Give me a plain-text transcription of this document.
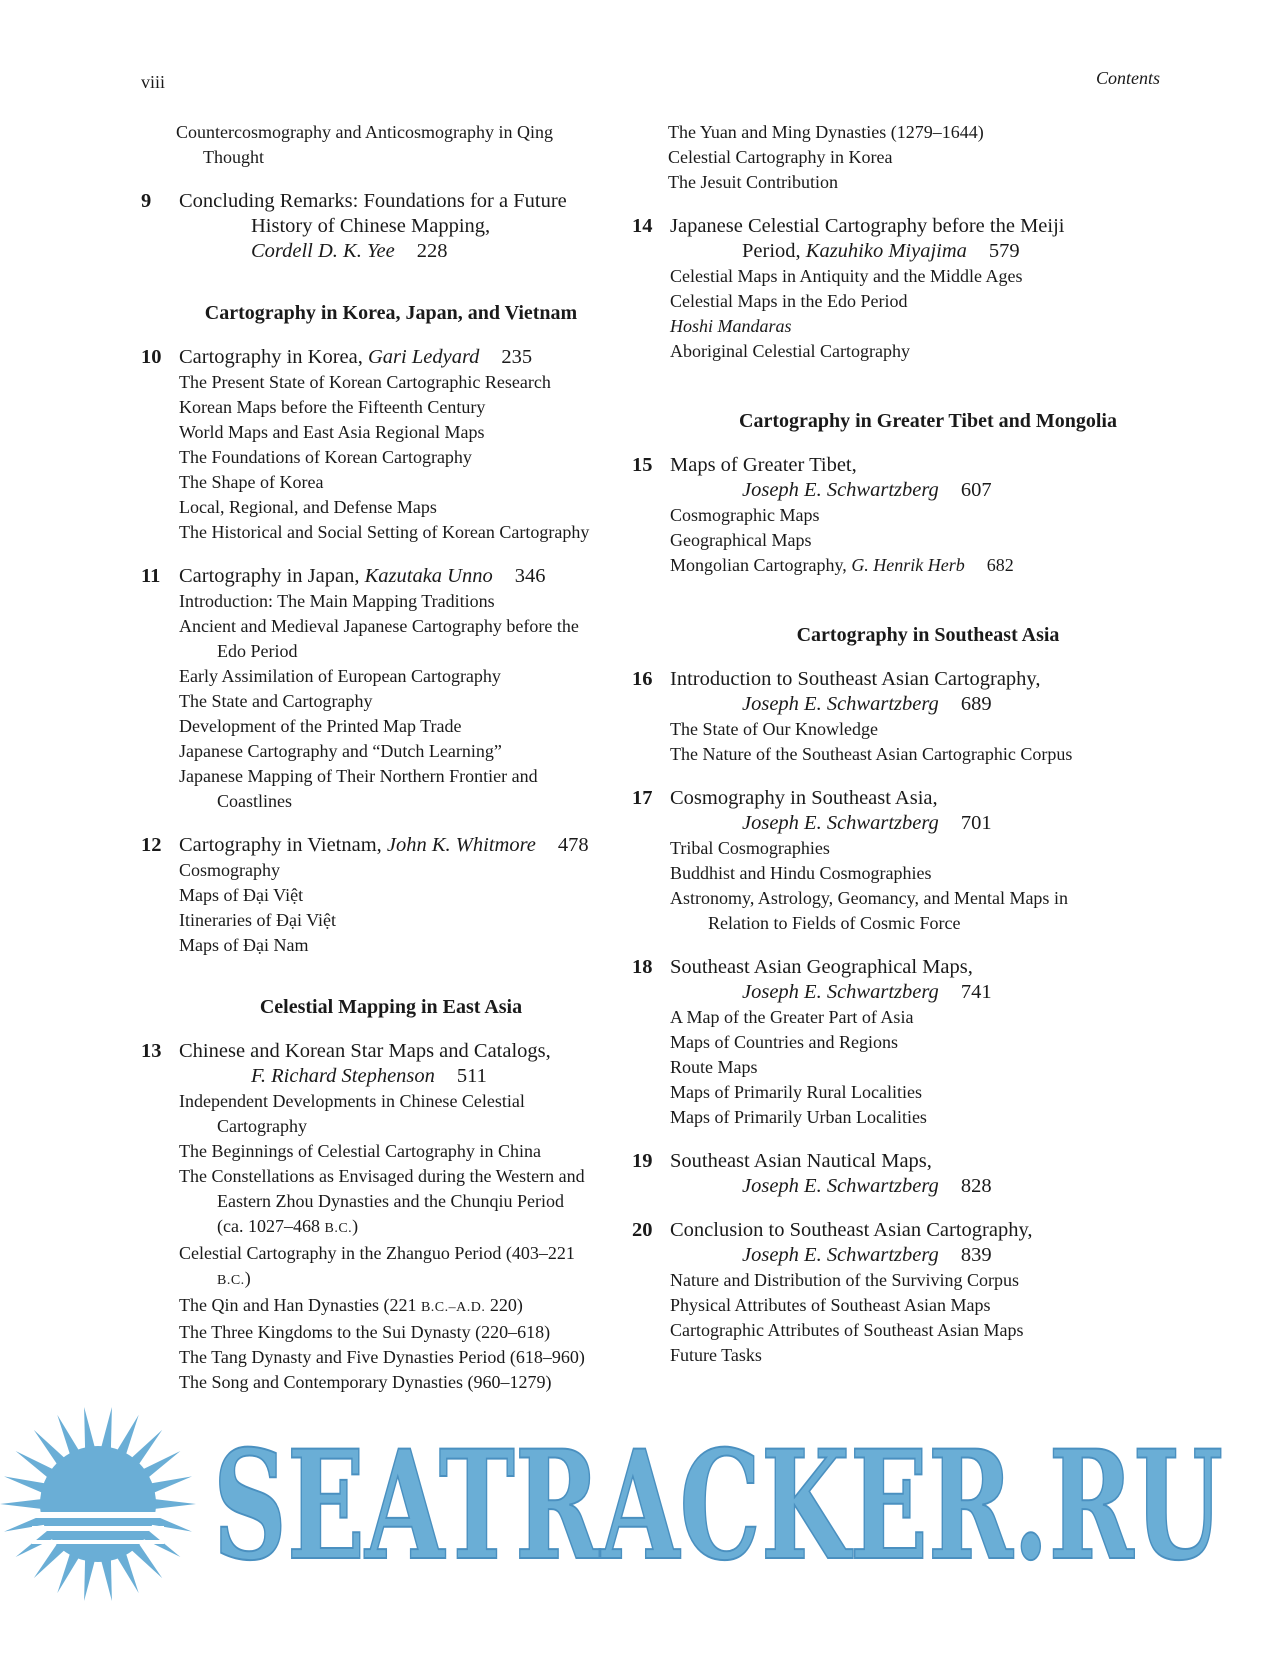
viii	Contents
Countercosmography and Anticosmography in Qing
Thought
9	Concluding Remarks: Foundations for a Future
History of Chinese Mapping,
Cordell D. K. Yee 228
Cartography in Korea, Japan, and Vietnam
10 Cartography in Korea, Gari Ledyard 235
The Present State of Korean Cartographic Research
Korean Maps before the Fifteenth Century
World Maps and East Asia Regional Maps
The Foundations of Korean Cartography
The Shape of Korea
Local, Regional, and Defense Maps
The Historical and Social Setting of Korean Cartography
11 Cartography in Japan, Kazutaka Unno 346
Introduction: The Main Mapping Traditions
Ancient and Medieval Japanese Cartography before the
Edo Period
Early Assimilation of European Cartography
The State and Cartography
Development of the Printed Map Trade
Japanese Cartography and “Dutch Learning”
Japanese Mapping of Their Northern Frontier and
Coastlines
12 Cartography in Vietnam, John K. Whitmore 478
Cosmography
Maps of Đại Việt
Itineraries of Đại Việt
Maps of Đại Nam
Celestial Mapping in East Asia
13 Chinese and Korean Star Maps and Catalogs,
F. Richard Stephenson 511
Independent Developments in Chinese Celestial
Cartography
The Beginnings of Celestial Cartography in China
The Constellations as Envisaged during the Western and
Eastern Zhou Dynasties and the Chunqiu Period
(ca. 1027–468 B.C.)
Celestial Cartography in the Zhanguo Period (403–221
B.C.)
The Qin and Han Dynasties (221 B.C.–A.D. 220)
The Three Kingdoms to the Sui Dynasty (220–618)
The Tang Dynasty and Five Dynasties Period (618–960)
The Song and Contemporary Dynasties (960–1279)
The Yuan and Ming Dynasties (1279–1644)
Celestial Cartography in Korea
The Jesuit Contribution
14 Japanese Celestial Cartography before the Meiji
Period, Kazuhiko Miyajima 579
Celestial Maps in Antiquity and the Middle Ages
Celestial Maps in the Edo Period
Hoshi Mandaras
Aboriginal Celestial Cartography
Cartography in Greater Tibet and Mongolia
15 Maps of Greater Tibet,
Joseph E. Schwartzberg 607
Cosmographic Maps
Geographical Maps
Mongolian Cartography, G. Henrik Herb 682
Cartography in Southeast Asia
16 Introduction to Southeast Asian Cartography,
Joseph E. Schwartzberg 689
The State of Our Knowledge
The Nature of the Southeast Asian Cartographic Corpus
17 Cosmography in Southeast Asia,
Joseph E. Schwartzberg 701
Tribal Cosmographies
Buddhist and Hindu Cosmographies
Astronomy, Astrology, Geomancy, and Mental Maps in
Relation to Fields of Cosmic Force
18 Southeast Asian Geographical Maps,
Joseph E. Schwartzberg 741
A Map of the Greater Part of Asia
Maps of Countries and Regions
Route Maps
Maps of Primarily Rural Localities
Maps of Primarily Urban Localities
19 Southeast Asian Nautical Maps,
Joseph E. Schwartzberg 828
20 Conclusion to Southeast Asian Cartography,
Joseph E. Schwartzberg 839
Nature and Distribution of the Surviving Corpus
Physical Attributes of Southeast Asian Maps
Cartographic Attributes of Southeast Asian Maps
Future Tasks
SEATRACKER.RU
